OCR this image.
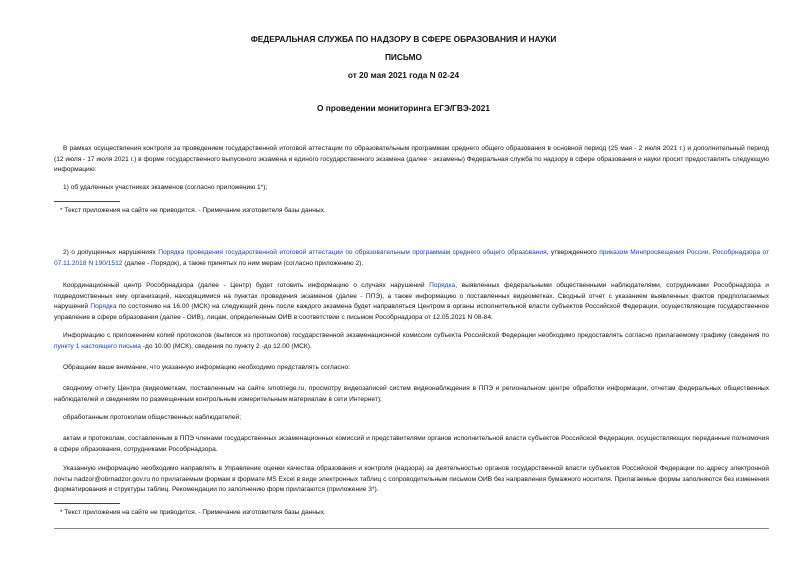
ФЕДЕРАЛЬНАЯ СЛУЖБА ПО НАДЗОРУ В СФЕРЕ ОБРАЗОВАНИЯ И НАУКИ
ПИСЬМО
от 20 мая 2021 года N 02-24
О проведении мониторинга ЕГЭ/ГВЭ-2021
В рамках осуществления контроля за проведением государственной итоговой аттестации по образовательным программам среднего общего образования в основной период (25 мая - 2 июля 2021 г.) и дополнительный период (12 июля - 17 июля 2021 г.) в форме государственного выпускного экзамена и единого государственного экзамена (далее - экзамены) Федеральная служба по надзору в сфере образования и науки просит предоставлять следующую информацию:
1) об удаленных участниках экзаменов (согласно приложению 1*);
* Текст приложения на сайте не приводится. - Примечание изготовителя базы данных.
2) о допущенных нарушениях Порядка проведения государственной итоговой аттестации по образовательным программам среднего общего образования, утвержденного приказом Минпросвещения России, Рособрнадзора от 07.11.2018 N 190/1512 (далее - Порядок), а также принятых по ним мерам (согласно приложению 2).
Координационный центр Рособрнадзора (далее - Центр) будет готовить информацию о случаях нарушений Порядка, выявленных федеральными общественными наблюдателями, сотрудниками Рособрнадзора и подведомственных ему организаций, находящимися на пунктах проведения экзаменов (далее - ППЭ), а также информацию о поставленных видеометках. Сводный отчет с указанием выявленных фактов предполагаемых нарушений Порядка по состоянию на 16.00 (МСК) на следующий день после каждого экзамена будет направляться Центром в органы исполнительной власти субъектов Российской Федерации, осуществляющие государственное управление в сфере образования (далее - ОИВ), лицам, определенным ОИВ в соответствии с письмом Рособрнадзора от 12.05.2021 N 08-84.
Информацию с приложением копий протоколов (выписок из протоколов) государственной экзаменационной комиссии субъекта Российской Федерации необходимо предоставлять согласно прилагаемому графику (сведения по пункту 1 настоящего письма -до 10.00 (МСК), сведения по пункту 2 -до 12.00 (МСК).
Обращаем ваше внимание, что указанную информацию необходимо представлять согласно:
сводному отчету Центра (видеометкам, поставленным на сайте smotriege.ru, просмотру видеозаписей систем видеонаблюдения в ППЭ и региональном центре обработки информации, отчетам федеральных общественных наблюдателей и сведениям по размещенным контрольным измерительным материалам в сети Интернет);
обработанным протоколам общественных наблюдателей;
актам и протоколам, составленным в ППЭ членами государственных экзаменационных комиссий и представителями органов исполнительной власти субъектов Российской Федерации, осуществляющих переданные полномочия в сфере образования, сотрудниками Рособрнадзора.
Указанную информацию необходимо направлять в Управление оценки качества образования и контроля (надзора) за деятельностью органов государственной власти субъектов Российской Федерации по адресу электронной почты nadzor@obrnadzor.gov.ru по прилагаемым формам в формате MS Excel в виде электронных таблиц с сопроводительным письмом ОИВ без направления бумажного носителя. Прилагаемые формы заполняются без изменения форматирования и структуры таблиц. Рекомендации по заполнению форм прилагаются (приложение 3*).
* Текст приложения на сайте не приводится. - Примечание изготовителя базы данных.
